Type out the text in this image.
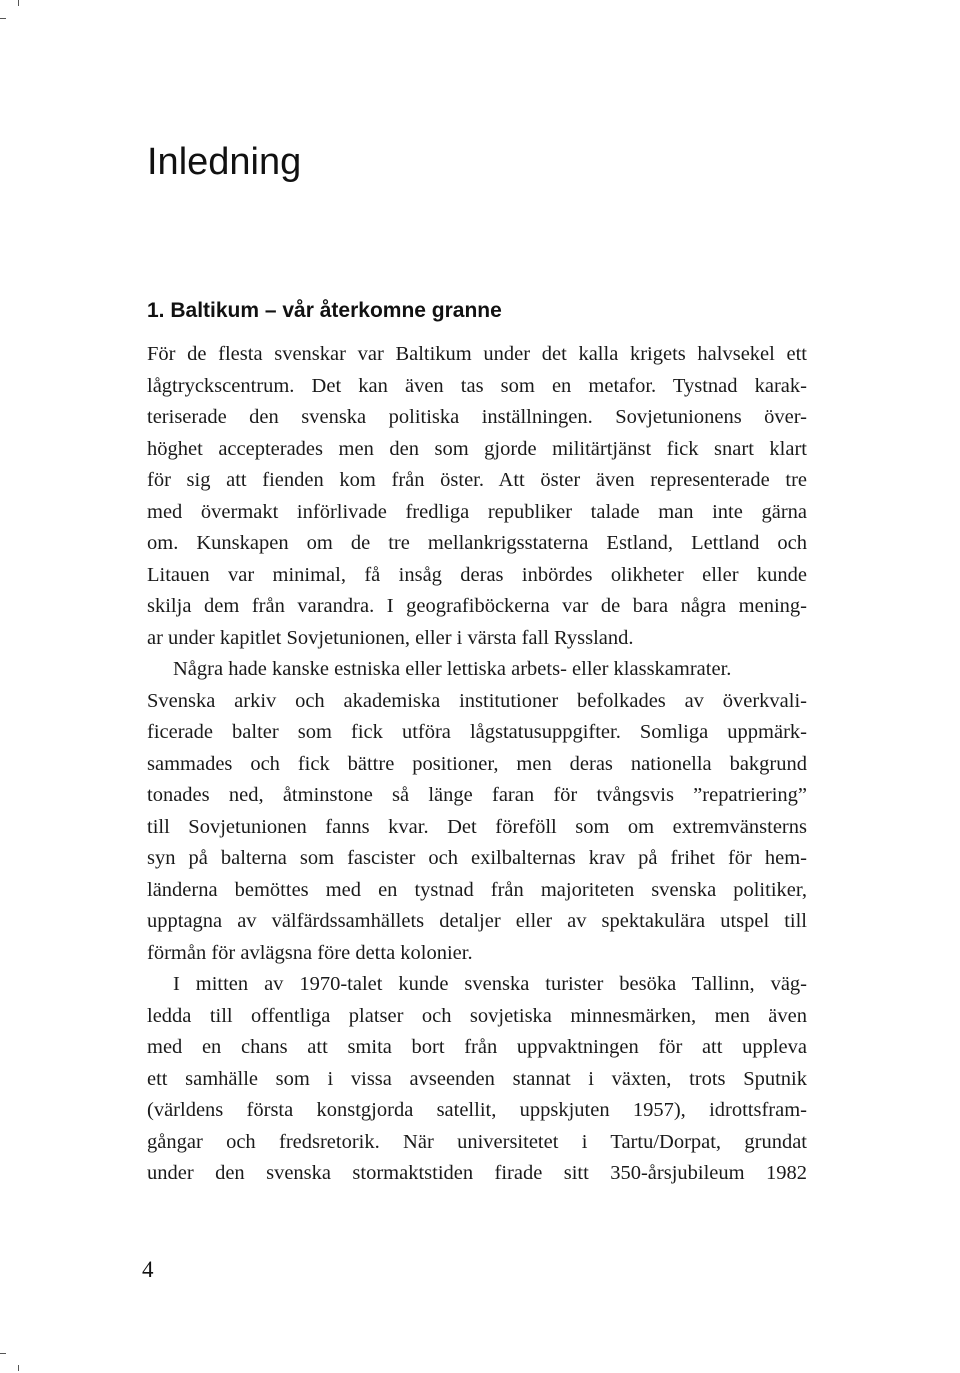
Inledning
1. Baltikum – vår återkomne granne
För de flesta svenskar var Baltikum under det kalla krigets halvsekel ett
lågtryckscentrum. Det kan även tas som en metafor. Tystnad karak-
teriserade den svenska politiska inställningen. Sovjetunionens över-
höghet accepterades men den som gjorde militärtjänst fick snart klart
för sig att fienden kom från öster. Att öster även representerade tre
med övermakt införlivade fredliga republiker talade man inte gärna
om. Kunskapen om de tre mellankrigsstaterna Estland, Lettland och
Litauen var minimal, få insåg deras inbördes olikheter eller kunde
skilja dem från varandra. I geografiböckerna var de bara några mening-
ar under kapitlet Sovjetunionen, eller i värsta fall Ryssland.
Några hade kanske estniska eller lettiska arbets- eller klasskamrater.
Svenska arkiv och akademiska institutioner befolkades av överkvali-
ficerade balter som fick utföra lågstatusuppgifter. Somliga uppmärk-
sammades och fick bättre positioner, men deras nationella bakgrund
tonades ned, åtminstone så länge faran för tvångsvis ”repatriering”
till Sovjetunionen fanns kvar. Det föreföll som om extremvänsterns
syn på balterna som fascister och exilbalternas krav på frihet för hem-
länderna bemöttes med en tystnad från majoriteten svenska politiker,
upptagna av välfärdssamhällets detaljer eller av spektakulära utspel till
förmån för avlägsna före detta kolonier.
I mitten av 1970-talet kunde svenska turister besöka Tallinn, väg-
ledda till offentliga platser och sovjetiska minnesmärken, men även
med en chans att smita bort från uppvaktningen för att uppleva
ett samhälle som i vissa avseenden stannat i växten, trots Sputnik
(världens första konstgjorda satellit, uppskjuten 1957), idrottsfram-
gångar och fredsretorik. När universitetet i Tartu/Dorpat, grundat
under den svenska stormaktstiden firade sitt 350-årsjubileum 1982
4
